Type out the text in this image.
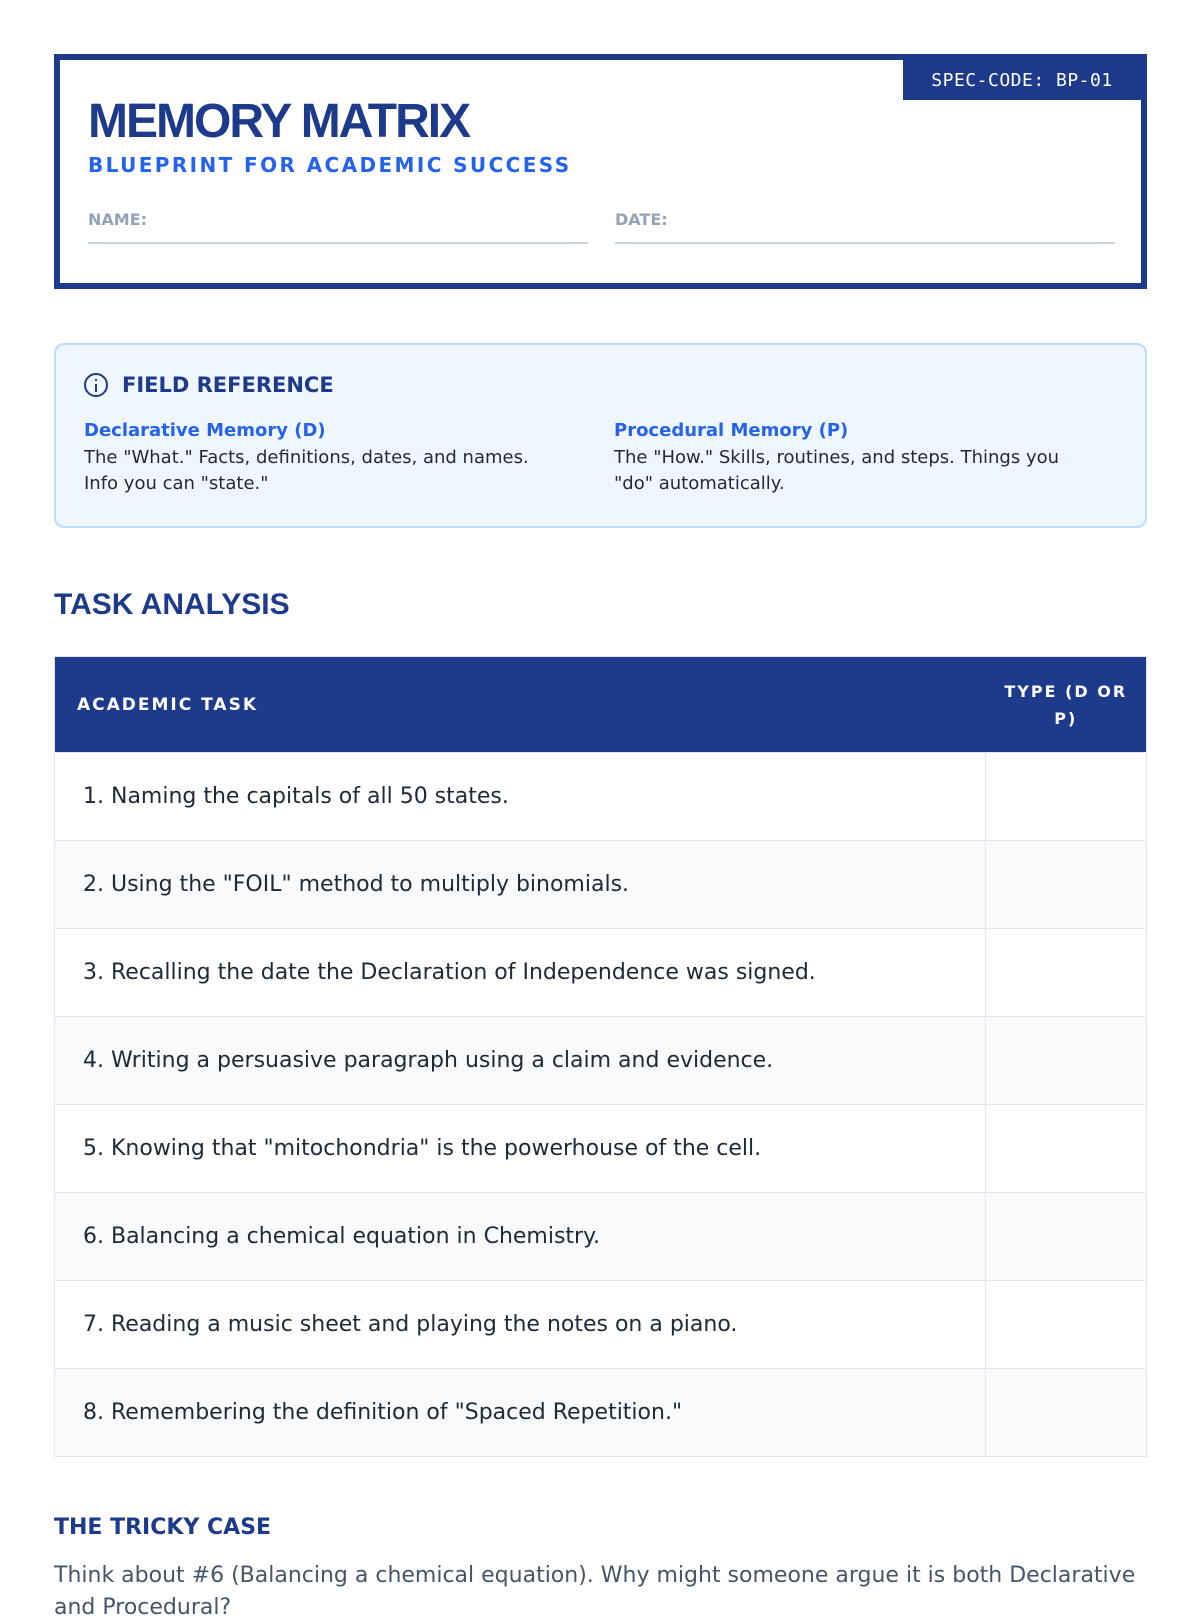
SPEC-CODE: BP-01
MEMORY MATRIX
BLUEPRINT FOR ACADEMIC SUCCESS
NAME:	DATE:
FIELD REFERENCE
Declarative Memory (D)
The "What." Facts, definitions, dates, and names. Info you can "state."
Procedural Memory (P)
The "How." Skills, routines, and steps. Things you "do" automatically.
TASK ANALYSIS
ACADEMIC TASK	TYPE (D OR P)
1. Naming the capitals of all 50 states.	
2. Using the "FOIL" method to multiply binomials.	
3. Recalling the date the Declaration of Independence was signed.	
4. Writing a persuasive paragraph using a claim and evidence.	
5. Knowing that "mitochondria" is the powerhouse of the cell.	
6. Balancing a chemical equation in Chemistry.	
7. Reading a music sheet and playing the notes on a piano.	
8. Remembering the definition of "Spaced Repetition."	
THE TRICKY CASE

Think about #6 (Balancing a chemical equation). Why might someone argue it is both Declarative and Procedural?
